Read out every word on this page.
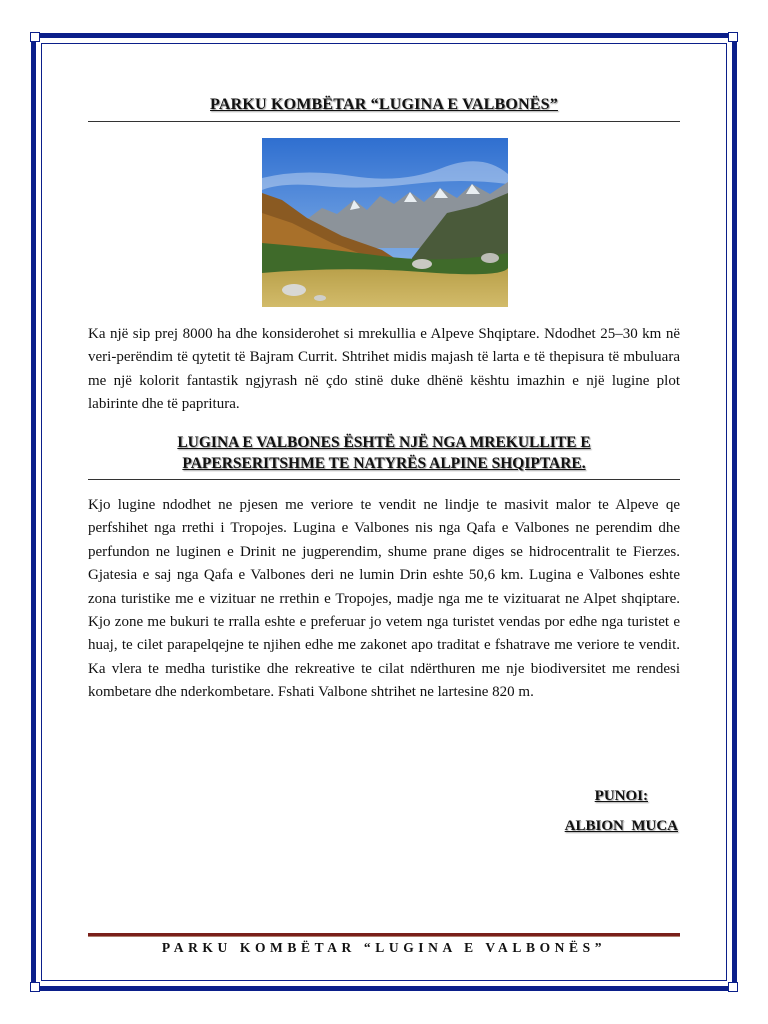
PARKU KOMBËTAR “LUGINA E VALBONËS”
Ka një sip prej 8000 ha dhe konsiderohet si mrekullia e Alpeve Shqiptare. Ndodhet 25–30 km në veri-perëndim të qytetit të Bajram Currit. Shtrihet midis majash të larta e të thepisura të mbuluara me një kolorit fantastik ngjyrash në çdo stinë duke dhënë kështu imazhin e një lugine plot labirinte dhe të papritura.
LUGINA E VALBONES ËSHTË NJË NGA MREKULLITE E
PAPERSERITSHME TE NATYRËS ALPINE SHQIPTARE.
Kjo lugine ndodhet ne pjesen me veriore te vendit ne lindje te masivit malor te Alpeve qe perfshihet nga rrethi i Tropojes. Lugina e Valbones nis nga Qafa e Valbones ne perendim dhe perfundon ne luginen e Drinit ne jugperendim, shume prane diges se hidrocentralit te Fierzes. Gjatesia e saj nga Qafa e Valbones deri ne lumin Drin eshte 50,6 km. Lugina e Valbones eshte zona turistike me e vizituar ne rrethin e Tropojes, madje nga me te vizituarat ne Alpet shqiptare. Kjo zone me bukuri te rralla eshte e preferuar jo vetem nga turistet vendas por edhe nga turistet e huaj, te cilet parapelqejne te njihen edhe me zakonet apo traditat e fshatrave me veriore te vendit. Ka vlera te medha turistike dhe rekreative te cilat ndërthuren me nje biodiversitet me rendesi kombetare dhe nderkombetare. Fshati Valbone shtrihet ne lartesine 820 m.
PUNOI:
ALBION  MUCA
PARKU KOMBËTAR “LUGINA E VALBONËS”
